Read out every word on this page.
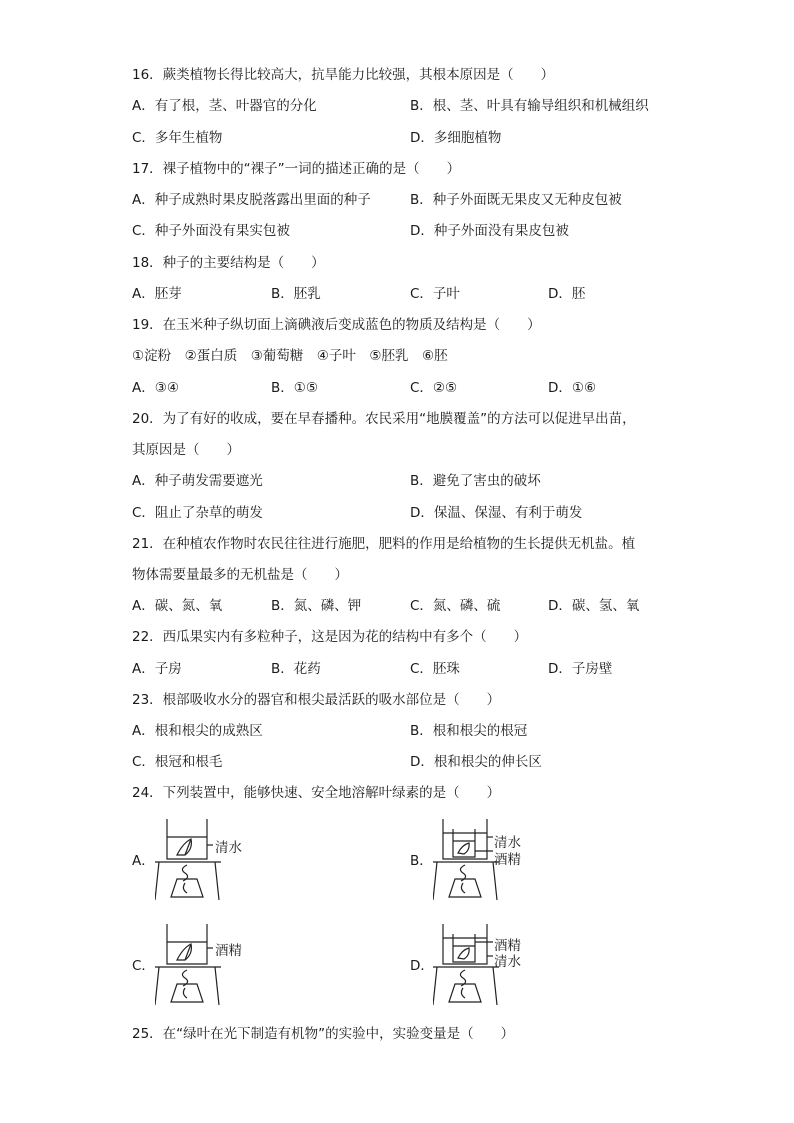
16．蕨类植物长得比较高大，抗旱能力比较强，其根本原因是（　　）
A．有了根，茎、叶器官的分化	B．根、茎、叶具有输导组织和机械组织
C．多年生植物	D．多细胞植物
17．裸子植物中的“裸子”一词的描述正确的是（　　）
A．种子成熟时果皮脱落露出里面的种子	B．种子外面既无果皮又无种皮包被
C．种子外面没有果实包被	D．种子外面没有果皮包被
18．种子的主要结构是（　　）
A．胚芽	B．胚乳	C．子叶	D．胚
19．在玉米种子纵切面上滴碘液后变成蓝色的物质及结构是（　　）
①淀粉　②蛋白质　③葡萄糖　④子叶　⑤胚乳　⑥胚
A．③④	B．①⑤	C．②⑤	D．①⑥
20．为了有好的收成，要在早春播种。农民采用“地膜覆盖”的方法可以促进早出苗，
其原因是（　　）
A．种子萌发需要遮光	B．避免了害虫的破坏
C．阻止了杂草的萌发	D．保温、保湿、有利于萌发
21．在种植农作物时农民往往进行施肥，肥料的作用是给植物的生长提供无机盐。植
物体需要量最多的无机盐是（　　）
A．碳、氮、氧	B．氮、磷、钾	C．氮、磷、硫	D．碳、氢、氧
22．西瓜果实内有多粒种子，这是因为花的结构中有多个（　　）
A．子房	B．花药	C．胚珠	D．子房壁
23．根部吸收水分的器官和根尖最活跃的吸水部位是（　　）
A．根和根尖的成熟区	B．根和根尖的根冠
C．根冠和根毛	D．根和根尖的伸长区
24．下列装置中，能够快速、安全地溶解叶绿素的是（　　）
A．
清水
B．
清水
酒精
C．
酒精
D．
酒精
清水
25．在“绿叶在光下制造有机物”的实验中，实验变量是（　　）
